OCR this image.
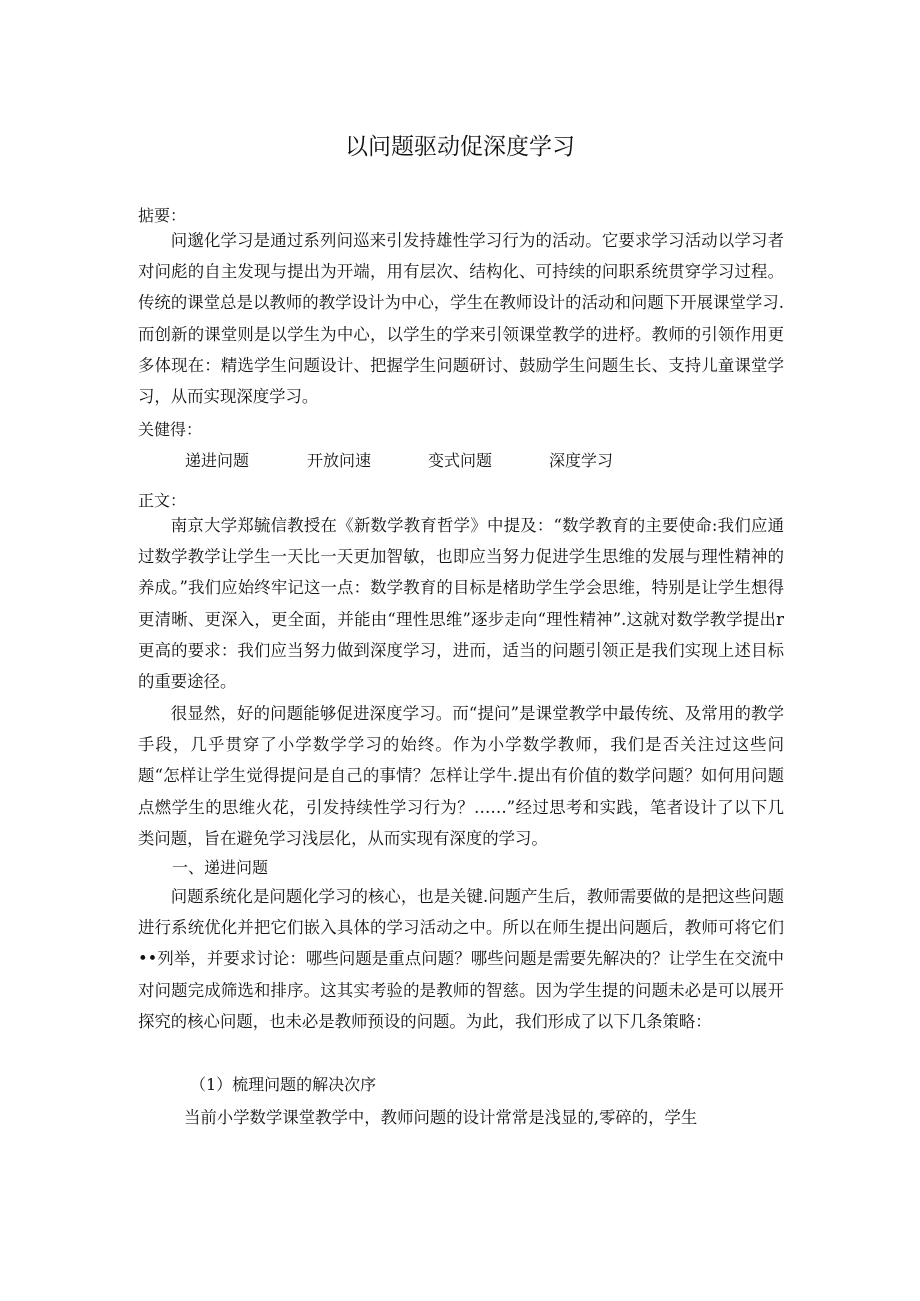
以问题驱动促深度学习
掂要：

问邈化学习是通过系列问巡来引发持雄性学习行为的活动。它要求学习活动以学习者对问彪的自主发现与提出为开端，用有层次、结构化、可持续的问职系统贯穿学习过程。传统的课堂总是以教师的教学设计为中心，学生在教师设计的活动和问题下开展课堂学习.而创新的课堂则是以学生为中心，以学生的学来引领课堂教学的进杼。教师的引领作用更多体现在：精选学生问题设计、把握学生问题研讨、鼓励学生问题生长、支持儿童课堂学习，从而实现深度学习。

关健得：
递进问题	开放问速	变式问题	深度学习
正文：

南京大学郑毓信教授在《新数学教育哲学》中提及：“数学教育的主要使命:我们应通过数学教学让学生一天比一天更加智敏，也即应当努力促进学生思维的发展与理性精神的养成。”我们应始终牢记这一点：数学教育的目标是楮助学生学会思维，特别是让学生想得更清晰、更深入，更全面，并能由“理性思维”逐步走向“理性精神”.这就对数学教学提出r更高的要求：我们应当努力做到深度学习，进而，适当的问题引领正是我们实现上述目标的重要途径。

很显然，好的问题能够促进深度学习。而“提问”是课堂教学中最传统、及常用的教学手段，几乎贯穿了小学数学学习的始终。作为小学数学教师，我们是否关注过这些问题“怎样让学生觉得提问是自己的事情？怎样让学牛.提出有价值的数学问题？如何用问题点燃学生的思维火花，引发持续性学习行为？……”经过思考和实践，笔者设计了以下几类问题，旨在避免学习浅层化，从而实现有深度的学习。

一、递进问题

问题系统化是问题化学习的核心，也是关键.问题产生后，教师需要做的是把这些问题进行系统优化并把它们嵌入具体的学习活动之中。所以在师生提出问题后，教师可将它们••列举，并要求讨论：哪些问题是重点问题？哪些问题是需要先解决的？让学生在交流中对问题完成筛选和排序。这其实考验的是教师的智慈。因为学生提的问题未必是可以展开探究的核心问题，也未必是教师预设的问题。为此，我们形成了以下几条策略：

（1）梳理问题的解决次序

当前小学数学课堂教学中，教师问题的设计常常是浅显的,零碎的，学生
